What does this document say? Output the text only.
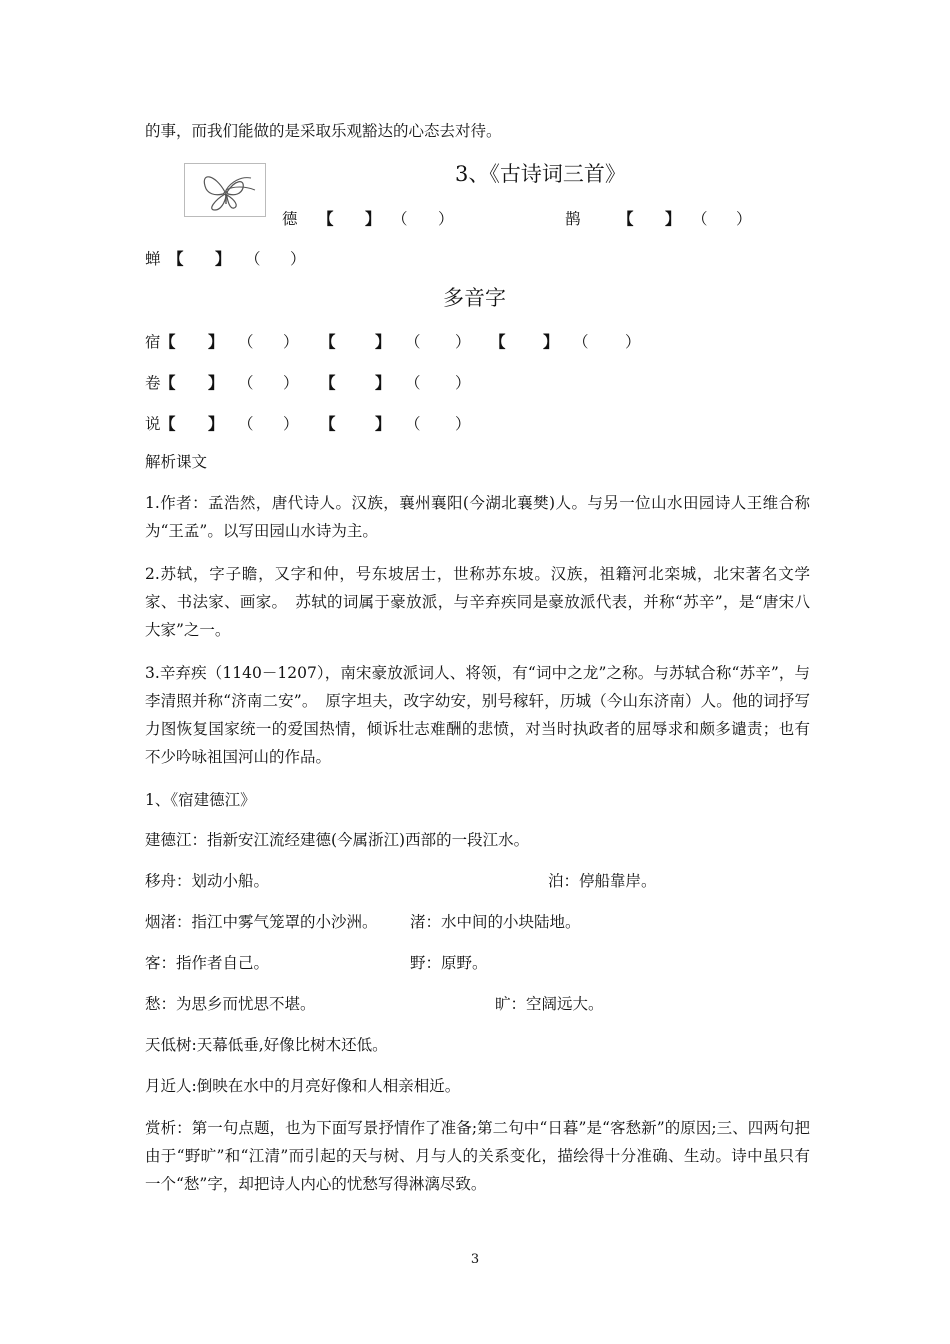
的事，而我们能做的是采取乐观豁达的心态去对待。
3、《古诗词三首》
德 【 】 （ ）	鹊 【 】 （ ）
蝉 【 】 （ ）
多音字
宿 【 】 （ ） 【	】 （ ） 【 】 （ ）
卷 【 】 （ ） 【	】 （ ）
说 【 】 （ ） 【	】 （ ）
解析课文
1.作者：孟浩然，唐代诗人。汉族，襄州襄阳(今湖北襄樊)人。与另一位山水田园诗人王维合称为“王孟”。以写田园山水诗为主。
2.苏轼，字子瞻，又字和仲，号东坡居士，世称苏东坡。汉族，祖籍河北栾城，北宋著名文学家、书法家、画家。　苏轼的词属于豪放派，与辛弃疾同是豪放派代表，并称“苏辛”，是“唐宋八大家”之一。
3.辛弃疾（1140－1207），南宋豪放派词人、将领，有“词中之龙”之称。与苏轼合称“苏辛”，与李清照并称“济南二安”。　原字坦夫，改字幼安，别号稼轩，历城（今山东济南）人。他的词抒写力图恢复国家统一的爱国热情，倾诉壮志难酬的悲愤，对当时执政者的屈辱求和颇多谴责；也有不少吟咏祖国河山的作品。
1、《宿建德江》
建德江：指新安江流经建德(今属浙江)西部的一段江水。
移舟：划动小船。	泊：停船靠岸。
烟渚：指江中雾气笼罩的小沙洲。 渚：水中间的小块陆地。
客：指作者自己。	野：原野。
愁：为思乡而忧思不堪。	旷：空阔远大。
天低树:天幕低垂,好像比树木还低。
月近人:倒映在水中的月亮好像和人相亲相近。
赏析：第一句点题，也为下面写景抒情作了准备;第二句中“日暮”是“客愁新”的原因;三、四两句把由于“野旷”和“江清”而引起的天与树、月与人的关系变化，描绘得十分准确、生动。诗中虽只有一个“愁”字，却把诗人内心的忧愁写得淋漓尽致。
3
